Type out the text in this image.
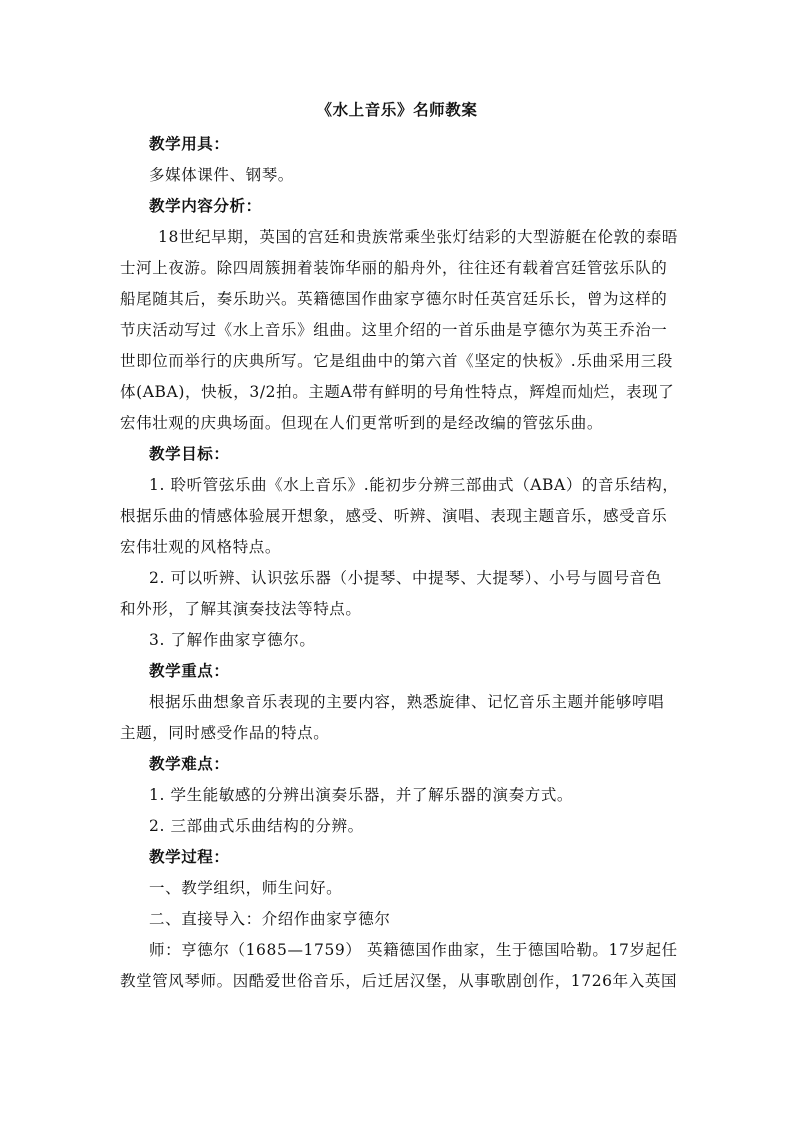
《水上音乐》名师教案
教学用具：
多媒体课件、钢琴。
教学内容分析：
18世纪早期，英国的宫廷和贵族常乘坐张灯结彩的大型游艇在伦敦的泰晤
士河上夜游。除四周簇拥着装饰华丽的船舟外，往往还有载着宫廷管弦乐队的
船尾随其后，奏乐助兴。英籍德国作曲家亨德尔时任英宫廷乐长，曾为这样的
节庆活动写过《水上音乐》组曲。这里介绍的一首乐曲是亨德尔为英王乔治一
世即位而举行的庆典所写。它是组曲中的第六首《坚定的快板》.乐曲采用三段
体(ABA)，快板，3/2拍。主题A带有鲜明的号角性特点，辉煌而灿烂，表现了
宏伟壮观的庆典场面。但现在人们更常听到的是经改编的管弦乐曲。
教学目标：
1. 聆听管弦乐曲《水上音乐》.能初步分辨三部曲式（ABA）的音乐结构，
根据乐曲的情感体验展开想象，感受、听辨、演唱、表现主题音乐，感受音乐
宏伟壮观的风格特点。
2. 可以听辨、认识弦乐器（小提琴、中提琴、大提琴）、小号与圆号音色
和外形，了解其演奏技法等特点。
3. 了解作曲家亨德尔。
教学重点：
根据乐曲想象音乐表现的主要内容，熟悉旋律、记忆音乐主题并能够哼唱
主题，同时感受作品的特点。
教学难点：
1. 学生能敏感的分辨出演奏乐器，并了解乐器的演奏方式。
2. 三部曲式乐曲结构的分辨。
教学过程：
一、教学组织，师生问好。
二、直接导入：介绍作曲家亨德尔
师：亨德尔（1685—1759） 英籍德国作曲家，生于德国哈勒。17岁起任
教堂管风琴师。因酷爱世俗音乐，后迁居汉堡，从事歌剧创作，1726年入英国
